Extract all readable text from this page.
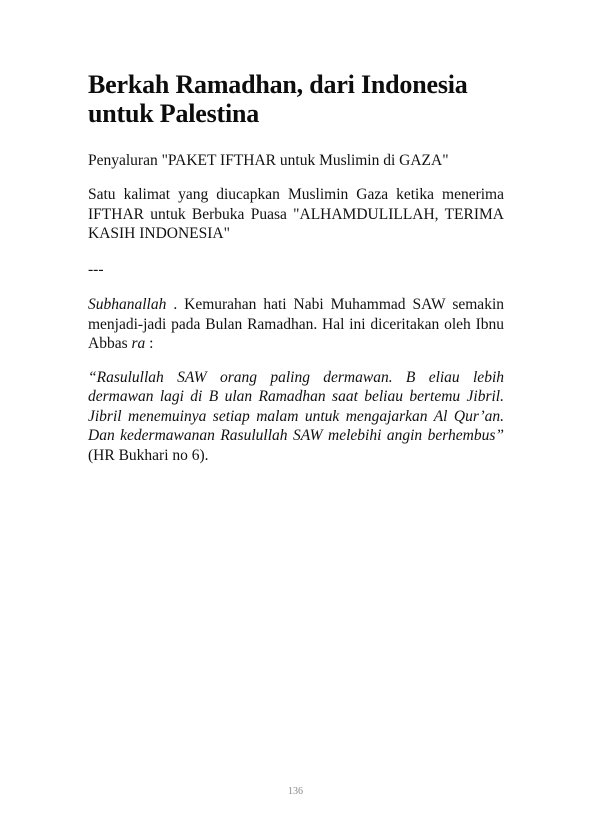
Berkah Ramadhan, dari Indonesia
untuk Palestina

Penyaluran "PAKET IFTHAR untuk Muslimin di GAZA"

Satu kalimat yang diucapkan Muslimin Gaza ketika menerima IFTHAR untuk Berbuka Puasa "ALHAMDULILLAH, TERIMA KASIH INDONESIA"

---

Subhanallah . Kemurahan hati Nabi Muhammad SAW semakin menjadi-jadi pada Bulan Ramadhan. Hal ini diceritakan oleh Ibnu Abbas ra :

“Rasulullah SAW orang paling dermawan. B eliau lebih dermawan lagi di B ulan Ramadhan saat beliau bertemu Jibril. Jibril menemuinya setiap malam untuk mengajarkan Al Qur’an. Dan kedermawanan Rasulullah SAW melebihi angin berhembus” (HR Bukhari no 6).

136
